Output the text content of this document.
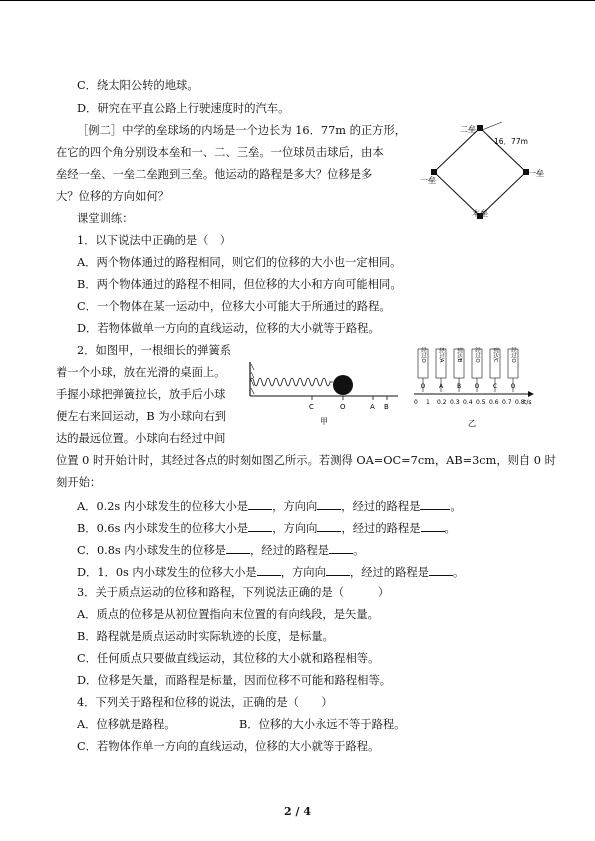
C．绕太阳公转的地球。
D．研究在平直公路上行驶速度时的汽车。
［例二］中学的垒球场的内场是一个边长为 16．77m 的正方形，
在它的四个角分别设本垒和一、二、三垒。一位球员击球后，由本
垒经一垒、一垒二垒跑到三垒。他运动的路程是多大？位移是多
大？位移的方向如何？
课堂训练：
1．以下说法中正确的是（　）
A．两个物体通过的路程相同，则它们的位移的大小也一定相同。
B．两个物体通过的路程不相同，但位移的大小和方向可能相同。
C．一个物体在某一运动中，位移大小可能大于所通过的路程。
D．若物体做单一方向的直线运动，位移的大小就等于路程。
2．如图甲，一根细长的弹簧系
着一个小球，放在光滑的桌面上。
手握小球把弹簧拉长，放手后小球
便左右来回运动，B 为小球向右到
达的最远位置。小球向右经过中间
位置 0 时开始计时，其经过各点的时刻如图乙所示。若测得 OA=OC=7cm，AB=3cm，则自 0 时
刻开始：
A．0.2s 内小球发生的位移大小是 ，方向向 ，经过的路程是	。
B．0.6s 内小球发生的位移大小是 ，方向向 ，经过的路程是 。
C．0.8s 内小球发生的位移是 ，经过的路程是 。
D．1．0s 内小球发生的位移大小是 ，方向向 ，经过的路程是 。
3．关于质点运动的位移和路程，下列说法正确的是（　　　）
A．质点的位移是从初位置指向末位置的有向线段，是矢量。
B．路程就是质点运动时实际轨迹的长度，是标量。
C．任何质点只要做直线运动，其位移的大小就和路程相等。
D．位移是矢量，而路程是标量，因而位移不可能和路程相等。
4．下列关于路程和位移的说法，正确的是（　　）
A．位移就是路程。	B．位移的大小永远不等于路程。
C．若物体作单一方向的直线运动，位移的大小就等于路程。
二垒
16．77m
一垒
一垒
本垒
C	O	A B
甲
经过O
O
经过A
A
到达B
B
经过O
O
到达C
C
经过O
O
0 1 0.2 0.3 0.4 0.5 0.6 0.7 0.8 t/s
乙
2 / 4
